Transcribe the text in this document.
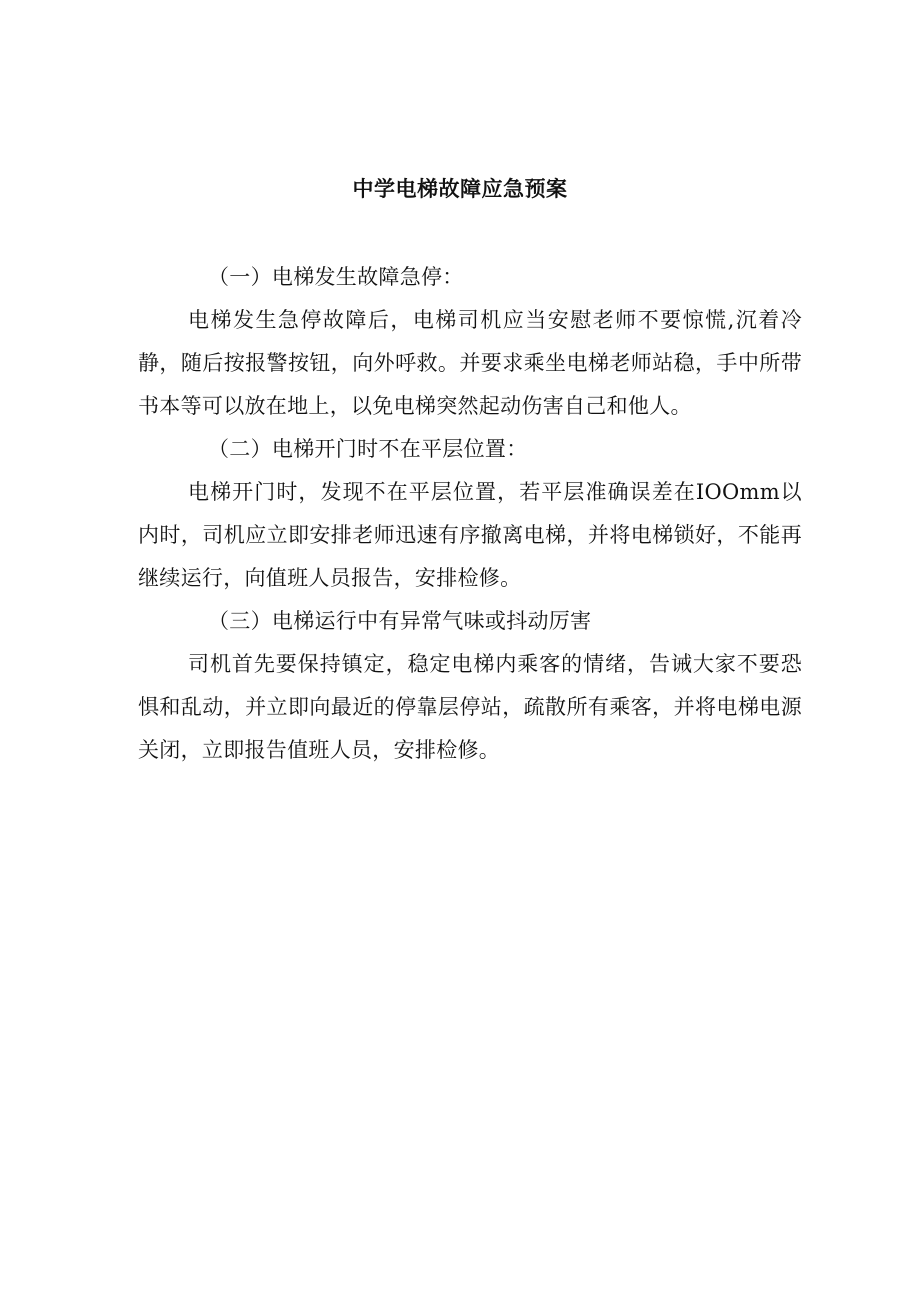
中学电梯故障应急预案

（一）电梯发生故障急停：

电梯发生急停故障后，电梯司机应当安慰老师不要惊慌,沉着冷静，随后按报警按钮，向外呼救。并要求乘坐电梯老师站稳，手中所带书本等可以放在地上，以免电梯突然起动伤害自己和他人。

（二）电梯开门时不在平层位置：

电梯开门时，发现不在平层位置，若平层准确误差在IOOmm以内时，司机应立即安排老师迅速有序撤离电梯，并将电梯锁好，不能再继续运行，向值班人员报告，安排检修。

（三）电梯运行中有异常气味或抖动厉害

司机首先要保持镇定，稳定电梯内乘客的情绪，告诫大家不要恐惧和乱动，并立即向最近的停靠层停站，疏散所有乘客，并将电梯电源关闭，立即报告值班人员，安排检修。
